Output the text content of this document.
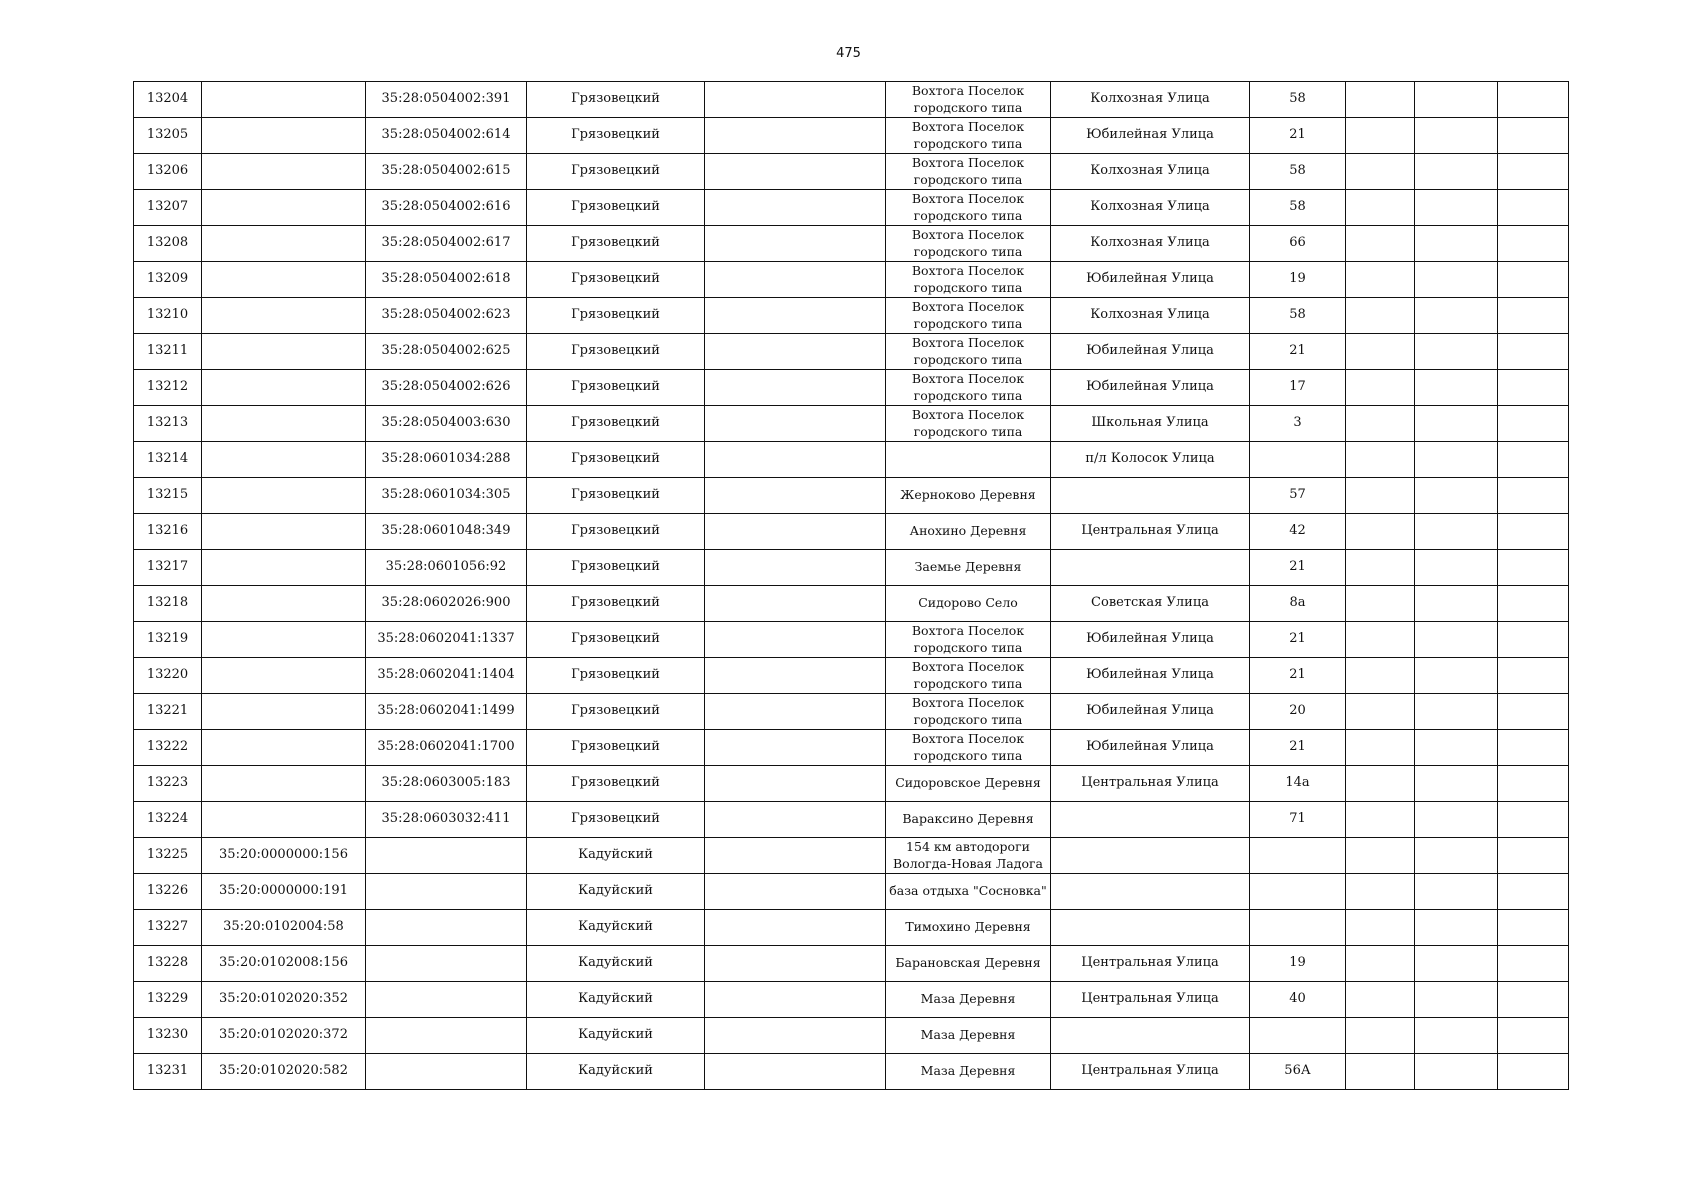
475
13204		35:28:0504002:391	Грязовецкий		Вохтога Поселок городского типа	Колхозная Улица	58			
13205		35:28:0504002:614	Грязовецкий		Вохтога Поселок городского типа	Юбилейная Улица	21			
13206		35:28:0504002:615	Грязовецкий		Вохтога Поселок городского типа	Колхозная Улица	58			
13207		35:28:0504002:616	Грязовецкий		Вохтога Поселок городского типа	Колхозная Улица	58			
13208		35:28:0504002:617	Грязовецкий		Вохтога Поселок городского типа	Колхозная Улица	66			
13209		35:28:0504002:618	Грязовецкий		Вохтога Поселок городского типа	Юбилейная Улица	19			
13210		35:28:0504002:623	Грязовецкий		Вохтога Поселок городского типа	Колхозная Улица	58			
13211		35:28:0504002:625	Грязовецкий		Вохтога Поселок городского типа	Юбилейная Улица	21			
13212		35:28:0504002:626	Грязовецкий		Вохтога Поселок городского типа	Юбилейная Улица	17			
13213		35:28:0504003:630	Грязовецкий		Вохтога Поселок городского типа	Школьная Улица	3			
13214		35:28:0601034:288	Грязовецкий			п/л Колосок Улица				
13215		35:28:0601034:305	Грязовецкий		Жерноково Деревня		57			
13216		35:28:0601048:349	Грязовецкий		Анохино Деревня	Центральная Улица	42			
13217		35:28:0601056:92	Грязовецкий		Заемье Деревня		21			
13218		35:28:0602026:900	Грязовецкий		Сидорово Село	Советская Улица	8а			
13219		35:28:0602041:1337	Грязовецкий		Вохтога Поселок городского типа	Юбилейная Улица	21			
13220		35:28:0602041:1404	Грязовецкий		Вохтога Поселок городского типа	Юбилейная Улица	21			
13221		35:28:0602041:1499	Грязовецкий		Вохтога Поселок городского типа	Юбилейная Улица	20			
13222		35:28:0602041:1700	Грязовецкий		Вохтога Поселок городского типа	Юбилейная Улица	21			
13223		35:28:0603005:183	Грязовецкий		Сидоровское Деревня	Центральная Улица	14а			
13224		35:28:0603032:411	Грязовецкий		Вараксино Деревня		71			
13225	35:20:0000000:156		Кадуйский		154 км автодороги Вологда-Новая Ладога					
13226	35:20:0000000:191		Кадуйский		база отдыха "Сосновка"					
13227	35:20:0102004:58		Кадуйский		Тимохино Деревня					
13228	35:20:0102008:156		Кадуйский		Барановская Деревня	Центральная Улица	19			
13229	35:20:0102020:352		Кадуйский		Маза Деревня	Центральная Улица	40			
13230	35:20:0102020:372		Кадуйский		Маза Деревня					
13231	35:20:0102020:582		Кадуйский		Маза Деревня	Центральная Улица	56А			
